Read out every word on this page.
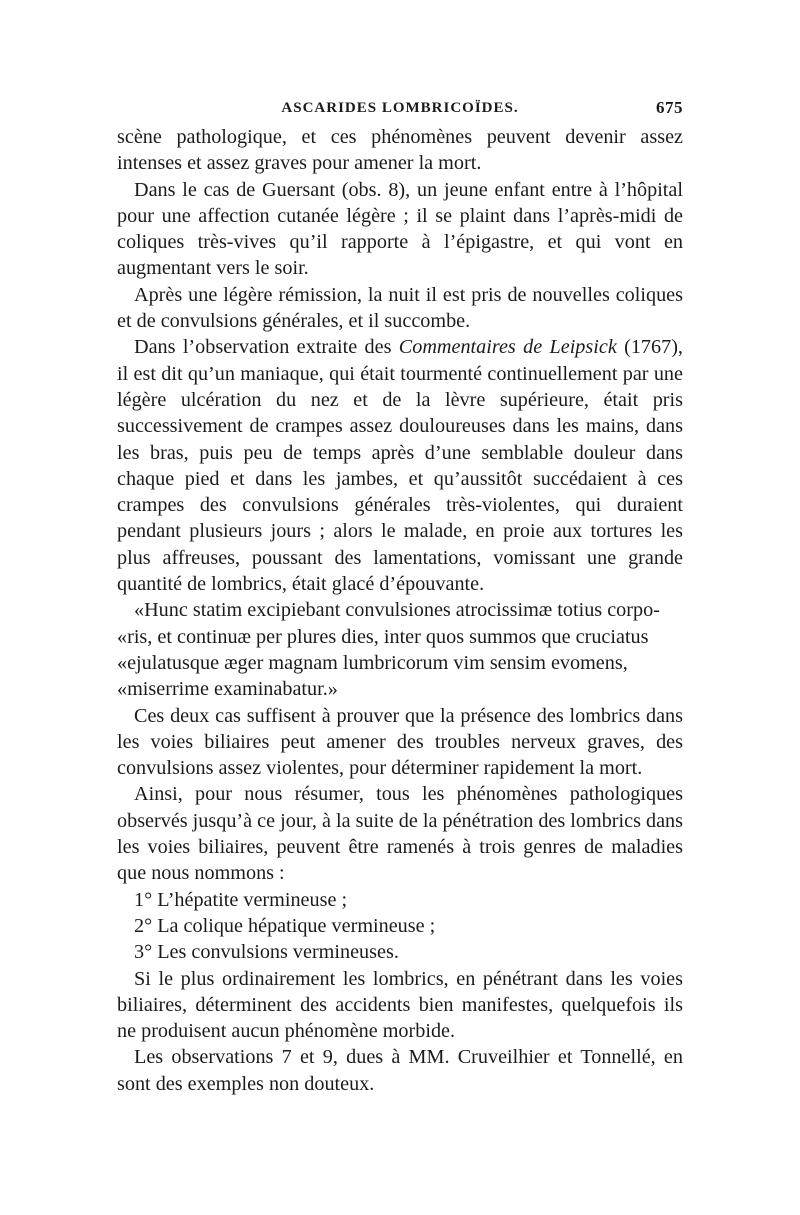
ASCARIDES LOMBRICOÏDES.	675

scène pathologique, et ces phénomènes peuvent devenir assez intenses et assez graves pour amener la mort.

Dans le cas de Guersant (obs. 8), un jeune enfant entre à l’hôpital pour une affection cutanée légère ; il se plaint dans l’après-midi de coliques très-vives qu’il rapporte à l’épigastre, et qui vont en augmentant vers le soir.

Après une légère rémission, la nuit il est pris de nouvelles coliques et de convulsions générales, et il succombe.

Dans l’observation extraite des Commentaires de Leipsick (1767), il est dit qu’un maniaque, qui était tourmenté continuellement par une légère ulcération du nez et de la lèvre supérieure, était pris successivement de crampes assez douloureuses dans les mains, dans les bras, puis peu de temps après d’une semblable douleur dans chaque pied et dans les jambes, et qu’aussitôt succédaient à ces crampes des convulsions générales très-violentes, qui duraient pendant plusieurs jours ; alors le malade, en proie aux tortures les plus affreuses, poussant des lamentations, vomissant une grande quantité de lombrics, était glacé d’épouvante.

«Hunc statim excipiebant convulsiones atrocissimæ totius corpo-

«ris, et continuæ per plures dies, inter quos summos que cruciatus

«ejulatusque æger magnam lumbricorum vim sensim evomens,

«miserrime examinabatur.»

Ces deux cas suffisent à prouver que la présence des lombrics dans les voies biliaires peut amener des troubles nerveux graves, des convulsions assez violentes, pour déterminer rapidement la mort.

Ainsi, pour nous résumer, tous les phénomènes pathologiques observés jusqu’à ce jour, à la suite de la pénétration des lombrics dans les voies biliaires, peuvent être ramenés à trois genres de maladies que nous nommons :

1° L’hépatite vermineuse ;

2° La colique hépatique vermineuse ;

3° Les convulsions vermineuses.

Si le plus ordinairement les lombrics, en pénétrant dans les voies biliaires, déterminent des accidents bien manifestes, quelquefois ils ne produisent aucun phénomène morbide.

Les observations 7 et 9, dues à MM. Cruveilhier et Tonnellé, en sont des exemples non douteux.
